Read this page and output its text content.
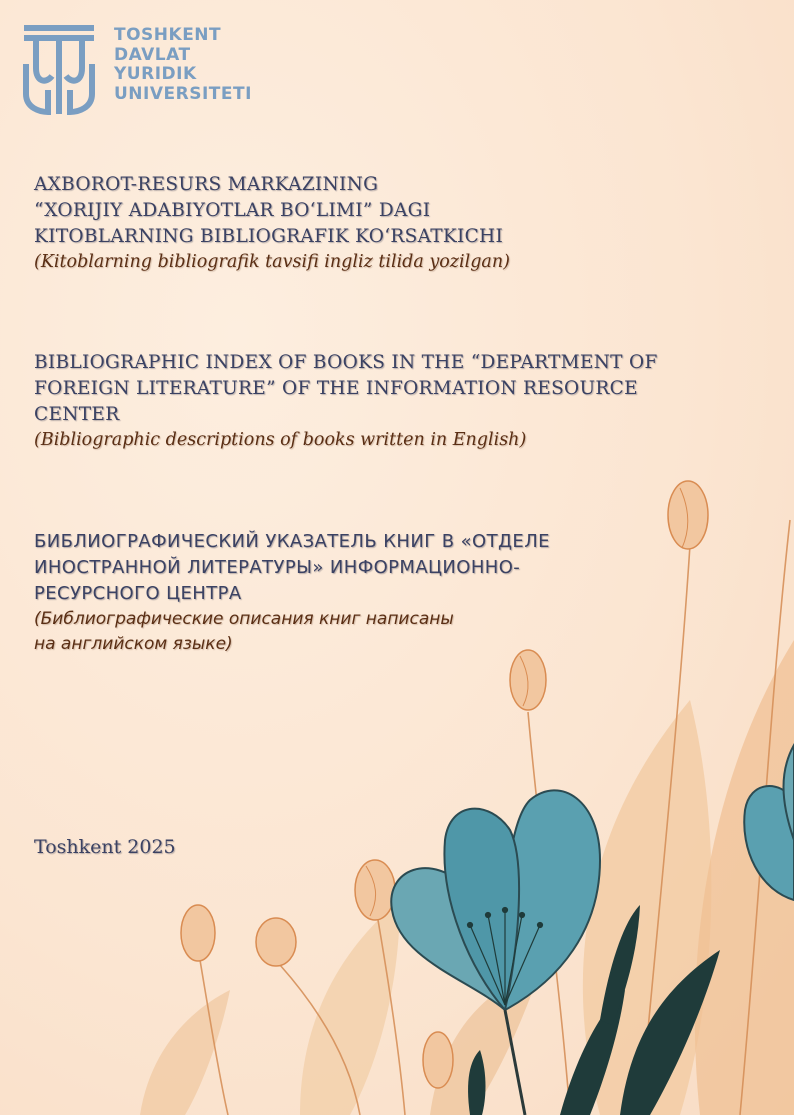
TOSHKENT
DAVLAT
YURIDIK
UNIVERSITETI
AXBOROT-RESURS MARKAZINING
“XORIJIY ADABIYOTLAR BOʻLIMI” DAGI
KITOBLARNING BIBLIOGRAFIK KOʻRSATKICHI
(Kitoblarning bibliografik tavsifi ingliz tilida yozilgan)
BIBLIOGRAPHIC INDEX OF BOOKS IN THE “DEPARTMENT OF
FOREIGN LITERATURE” OF THE INFORMATION RESOURCE
CENTER
(Bibliographic descriptions of books written in English)
БИБЛИОГРАФИЧЕСКИЙ УКАЗАТЕЛЬ КНИГ В «ОТДЕЛЕ
ИНОСТРАННОЙ ЛИТЕРАТУРЫ» ИНФОРМАЦИОННО-
РЕСУРСНОГО ЦЕНТРА
(Библиографические описания книг написаны
на английском языке)
Toshkent 2025
